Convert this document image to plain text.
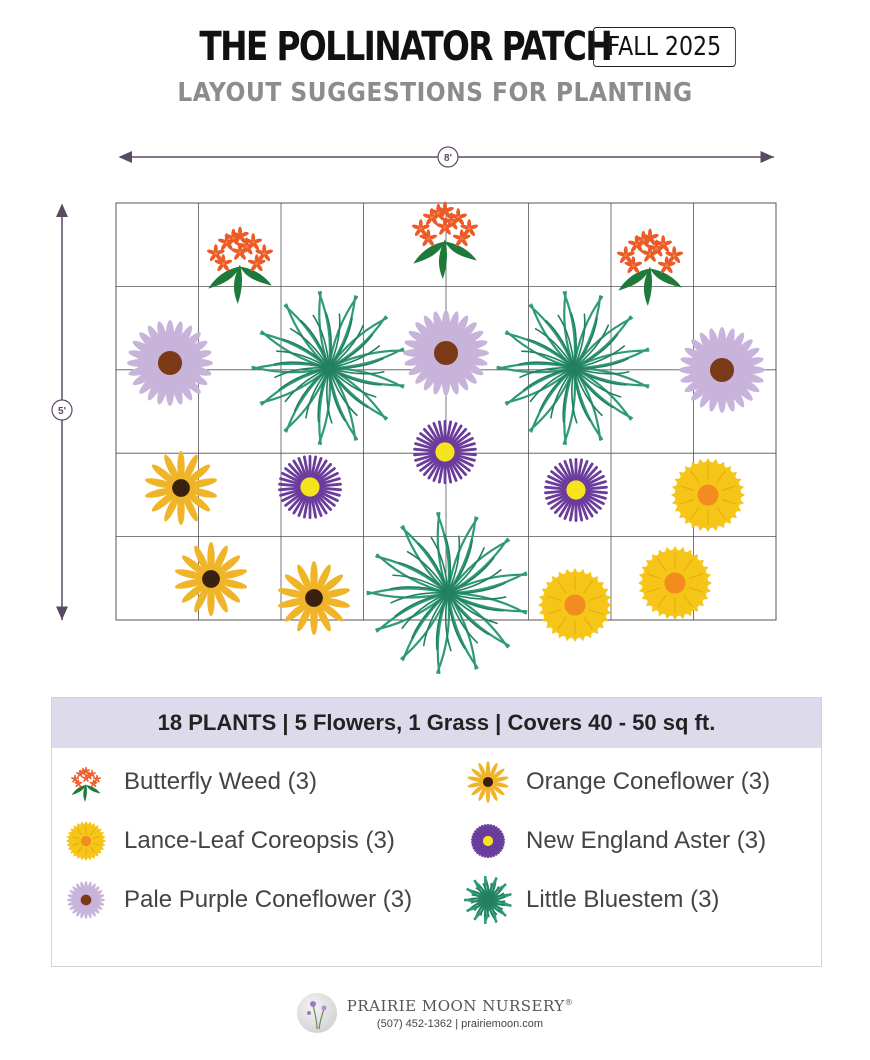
THE POLLINATOR PATCH
FALL 2025
LAYOUT SUGGESTIONS FOR PLANTING
8'
5'
18 PLANTS | 5 Flowers, 1 Grass | Covers 40 - 50 sq ft.
Butterfly Weed (3)
Lance-Leaf Coreopsis (3)
Pale Purple Coneflower (3)
Orange Coneflower (3)
New England Aster (3)
Little Bluestem (3)
PRAIRIE MOON NURSERY®
(507) 452-1362 | prairiemoon.com
